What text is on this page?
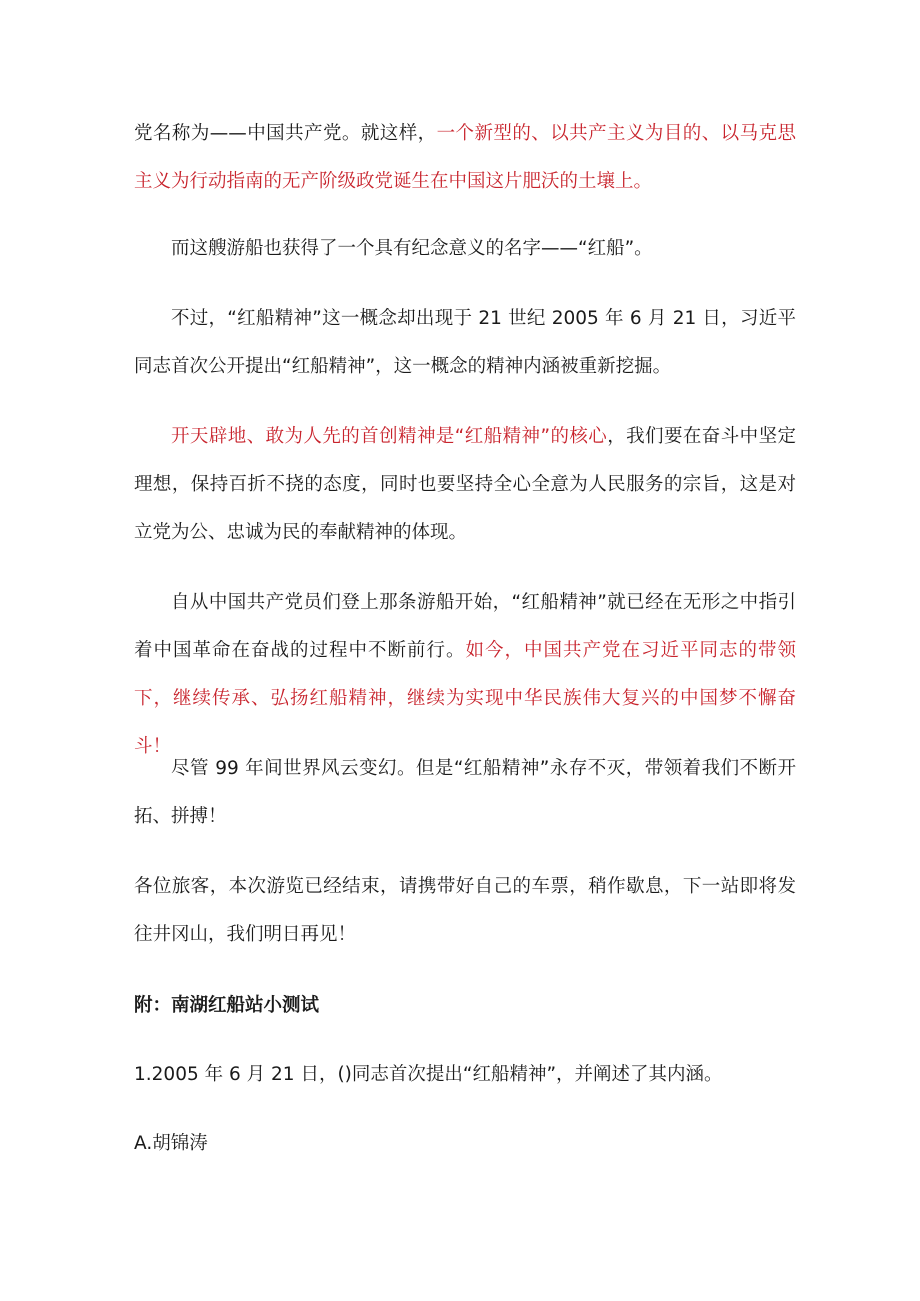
党名称为——中国共产党。就这样，一个新型的、以共产主义为目的、以马克思主义为行动指南的无产阶级政党诞生在中国这片肥沃的土壤上。

而这艘游船也获得了一个具有纪念意义的名字——“红船”。

不过，“红船精神”这一概念却出现于 21 世纪 2005 年 6 月 21 日，习近平同志首次公开提出“红船精神”，这一概念的精神内涵被重新挖掘。

开天辟地、敢为人先的首创精神是“红船精神”的核心，我们要在奋斗中坚定理想，保持百折不挠的态度，同时也要坚持全心全意为人民服务的宗旨，这是对立党为公、忠诚为民的奉献精神的体现。

自从中国共产党员们登上那条游船开始，“红船精神”就已经在无形之中指引着中国革命在奋战的过程中不断前行。如今，中国共产党在习近平同志的带领下，继续传承、弘扬红船精神，继续为实现中华民族伟大复兴的中国梦不懈奋斗！

尽管 99 年间世界风云变幻。但是“红船精神”永存不灭，带领着我们不断开拓、拼搏！

各位旅客，本次游览已经结束，请携带好自己的车票，稍作歇息，下一站即将发往井冈山，我们明日再见！

附：南湖红船站小测试

1.2005 年 6 月 21 日，()同志首次提出“红船精神”，并阐述了其内涵。

A.胡锦涛
